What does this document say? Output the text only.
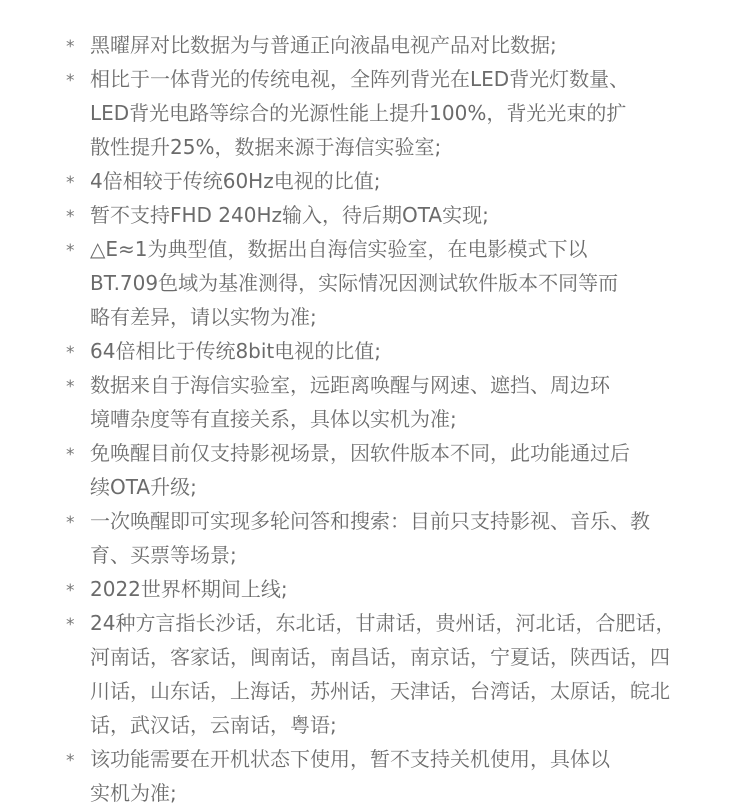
* 黑曜屏对比数据为与普通正向液晶电视产品对比数据;
* 相比于一体背光的传统电视，全阵列背光在LED背光灯数量、
LED背光电路等综合的光源性能上提升100%，背光光束的扩
散性提升25%，数据来源于海信实验室;
* 4倍相较于传统60Hz电视的比值;
* 暂不支持FHD 240Hz输入，待后期OTA实现;
* △E≈1为典型值，数据出自海信实验室，在电影模式下以
BT.709色域为基准测得，实际情况因测试软件版本不同等而
略有差异，请以实物为准;
* 64倍相比于传统8bit电视的比值;
* 数据来自于海信实验室，远距离唤醒与网速、遮挡、周边环
境嘈杂度等有直接关系，具体以实机为准;
* 免唤醒目前仅支持影视场景，因软件版本不同，此功能通过后
续OTA升级;
* 一次唤醒即可实现多轮问答和搜索：目前只支持影视、音乐、教
育、买票等场景;
* 2022世界杯期间上线;
* 24种方言指长沙话，东北话，甘肃话，贵州话，河北话，合肥话，
河南话，客家话，闽南话，南昌话，南京话，宁夏话，陕西话，四
川话，山东话，上海话，苏州话，天津话，台湾话，太原话，皖北
话，武汉话，云南话，粤语;
* 该功能需要在开机状态下使用，暂不支持关机使用，具体以
实机为准;
